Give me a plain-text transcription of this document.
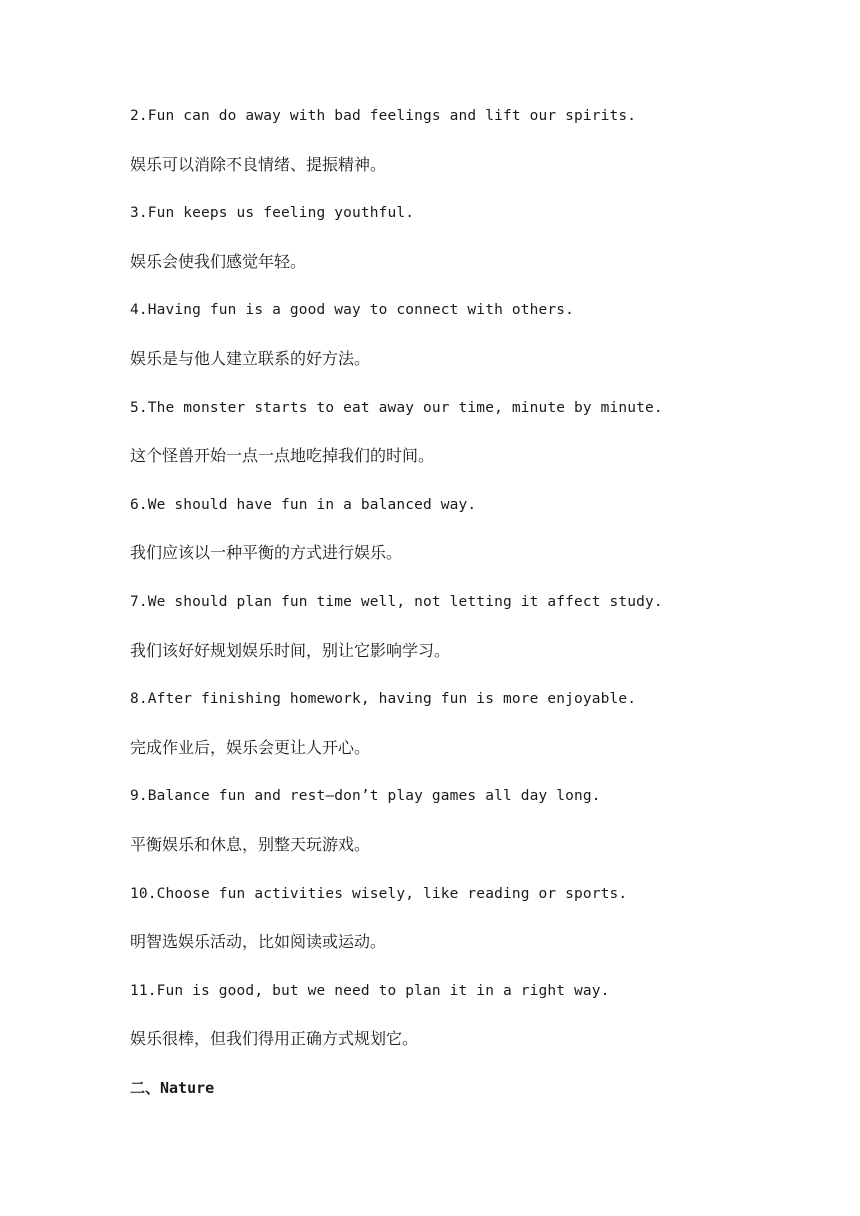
2.Fun can do away with bad feelings and lift our spirits.
娱乐可以消除不良情绪、提振精神。
3.Fun keeps us feeling youthful.
娱乐会使我们感觉年轻。
4.Having fun is a good way to connect with others.
娱乐是与他人建立联系的好方法。
5.The monster starts to eat away our time, minute by minute.
这个怪兽开始一点一点地吃掉我们的时间。
6.We should have fun in a balanced way.
我们应该以一种平衡的方式进行娱乐。
7.We should plan fun time well, not letting it affect study.
我们该好好规划娱乐时间，别让它影响学习。
8.After finishing homework, having fun is more enjoyable.
完成作业后，娱乐会更让人开心。
9.Balance fun and rest—don’t play games all day long.
平衡娱乐和休息，别整天玩游戏。
10.Choose fun activities wisely, like reading or sports.
明智选娱乐活动，比如阅读或运动。
11.Fun is good, but we need to plan it in a right way.
娱乐很棒，但我们得用正确方式规划它。
二、Nature
